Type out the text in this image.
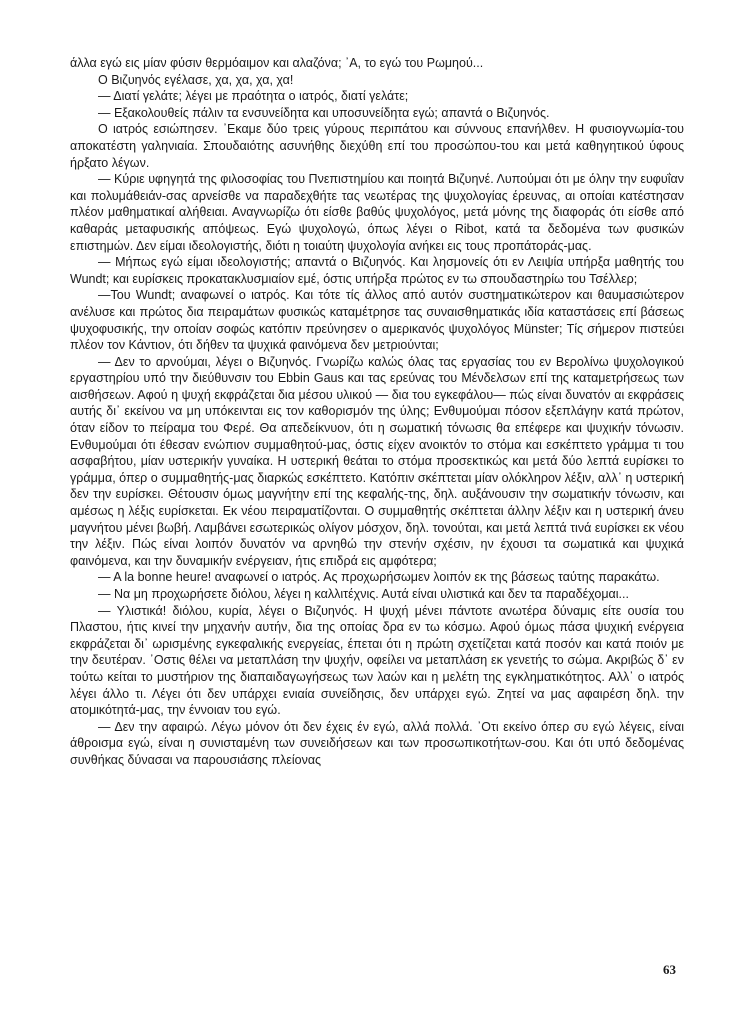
άλλα εγώ εις μίαν φύσιν θερμόαιμον και αλαζόνα; ᾽Α, το εγώ του Ρωμηού...

Ο Βιζυηνός εγέλασε, χα, χα, χα, χα!

— Διατί γελάτε; λέγει με πραότητα ο ιατρός, διατί γελάτε;

— Εξακολουθείς πάλιν τα ενσυνείδητα και υποσυνείδητα εγώ; απαντά ο Βιζυηνός.

Ο ιατρός εσιώπησεν. ᾽Εκαμε δύο τρεις γύρους περιπάτου και σύννους επανήλθεν. Η φυσιογνωμία-του αποκατέστη γαληνιαία. Σπουδαιότης ασυνήθης διεχύθη επί του προσώπου-του και μετά καθηγητικού ύφους ήρξατο λέγων.

— Κύριε υφηγητά της φιλοσοφίας του Πνεπιστημίου και ποιητά Βιζυηνέ. Λυπούμαι ότι με όλην την ευφυΐαν και πολυμάθειάν-σας αρνείσθε να παραδεχθήτε τας νεωτέρας της ψυχολογίας έρευνας, αι οποίαι κατέστησαν πλέον μαθηματικαί αλήθειαι. Αναγνωρίζω ότι είσθε βαθύς ψυχολόγος, μετά μόνης της διαφοράς ότι είσθε από καθαράς μεταφυσικής απόψεως. Εγώ ψυχολογώ, όπως λέγει ο Ribot, κατά τα δεδομένα των φυσικών επιστημών. Δεν είμαι ιδεολογιστής, διότι η τοιαύτη ψυχολογία ανήκει εις τους προπάτοράς-μας.

— Μήπως εγώ είμαι ιδεολογιστής; απαντά ο Βιζυηνός. Και λησμονείς ότι εν Λειψία υπήρξα μαθητής του Wundt; και ευρίσκεις προκατακλυσμιαίον εμέ, όστις υπήρξα πρώτος εν τω σπουδαστηρίω του Τσέλλερ;

—Του Wundt; αναφωνεί ο ιατρός. Και τότε τίς άλλος από αυτόν συστηματικώτερον και θαυμασιώτερον ανέλυσε και πρώτος δια πειραμάτων φυσικώς καταμέτρησε τας συναισθηματικάς ιδία καταστάσεις επί βάσεως ψυχοφυσικής, την οποίαν σοφώς κατόπιν πρεύνησεν ο αμερικανός ψυχολόγος Münster; Τίς σήμερον πιστεύει πλέον τον Κάντιον, ότι δήθεν τα ψυχικά φαινόμενα δεν μετριούνται;

— Δεν το αρνούμαι, λέγει ο Βιζυηνός. Γνωρίζω καλώς όλας τας εργασίας του εν Βερολίνω ψυχολογικού εργαστηρίου υπό την διεύθυνσιν του Ebbin Gaus και τας ερεύνας του Μένδελσων επί της καταμετρήσεως των αισθήσεων. Αφού η ψυχή εκφράζεται δια μέσου υλικού — δια του εγκεφάλου— πώς είναι δυνατόν αι εκφράσεις αυτής δι᾽ εκείνου να μη υπόκεινται εις τον καθορισμόν της ύλης; Ενθυμούμαι πόσον εξεπλάγην κατά πρώτον, όταν είδον το πείραμα του Φερέ. Θα απεδείκνυον, ότι η σωματική τόνωσις θα επέφερε και ψυχικήν τόνωσιν. Ενθυμούμαι ότι έθεσαν ενώπιον συμμαθητού-μας, όστις είχεν ανοικτόν το στόμα και εσκέπτετο γράμμα τι του ασφαβήτου, μίαν υστερικήν γυναίκα. Η υστερική θεάται το στόμα προσεκτικώς και μετά δύο λεπτά ευρίσκει το γράμμα, όπερ ο συμμαθητής-μας διαρκώς εσκέπτετο. Κατόπιν σκέπτεται μίαν ολόκληρον λέξιν, αλλ᾽ η υστερική δεν την ευρίσκει. Θέτουσιν όμως μαγνήτην επί της κεφαλής-της, δηλ. αυξάνουσιν την σωματικήν τόνωσιν, και αμέσως η λέξις ευρίσκεται. Εκ νέου πειραματίζονται. Ο συμμαθητής σκέπτεται άλλην λέξιν και η υστερική άνευ μαγνήτου μένει βωβή. Λαμβάνει εσωτερικώς ολίγον μόσχον, δηλ. τονούται, και μετά λεπτά τινά ευρίσκει εκ νέου την λέξιν. Πώς είναι λοιπόν δυνατόν να αρνηθώ την στενήν σχέσιν, ην έχουσι τα σωματικά και ψυχικά φαινόμενα, και την δυναμικήν ενέργειαν, ήτις επιδρά εις αμφότερα;

— A la bonne heure! αναφωνεί ο ιατρός. Ας προχωρήσωμεν λοιπόν εκ της βάσεως ταύτης παρακάτω.

— Να μη προχωρήσετε διόλου, λέγει η καλλιτέχνις. Αυτά είναι υλιστικά και δεν τα παραδέχομαι...

— Υλιστικά! διόλου, κυρία, λέγει ο Βιζυηνός. Η ψυχή μένει πάντοτε ανωτέρα δύναμις είτε ουσία του Πλαστου, ήτις κινεί την μηχανήν αυτήν, δια της οποίας δρα εν τω κόσμω. Αφού όμως πάσα ψυχική ενέργεια εκφράζεται δι᾽ ωρισμένης εγκεφαλικής ενεργείας, έπεται ότι η πρώτη σχετίζεται κατά ποσόν και κατά ποιόν με την δευτέραν. ᾽Οστις θέλει να μεταπλάση την ψυχήν, οφείλει να μεταπλάση εκ γενετής το σώμα. Ακριβώς δ᾽ εν τούτω κείται το μυστήριον της διαπαιδαγωγήσεως των λαών και η μελέτη της εγκληματικότητος. Αλλ᾽ ο ιατρός λέγει άλλο τι. Λέγει ότι δεν υπάρχει ενιαία συνείδησις, δεν υπάρχει εγώ. Ζητεί να μας αφαιρέση δηλ. την ατομικότητά-μας, την έννοιαν του εγώ.

— Δεν την αφαιρώ. Λέγω μόνον ότι δεν έχεις έν εγώ, αλλά πολλά. ᾽Οτι εκείνο όπερ συ εγώ λέγεις, είναι άθροισμα εγώ, είναι η συνισταμένη των συνειδήσεων και των προσωπικοτήτων-σου. Και ότι υπό δεδομένας συνθήκας δύνασαι να παρουσιάσης πλείονας

63
